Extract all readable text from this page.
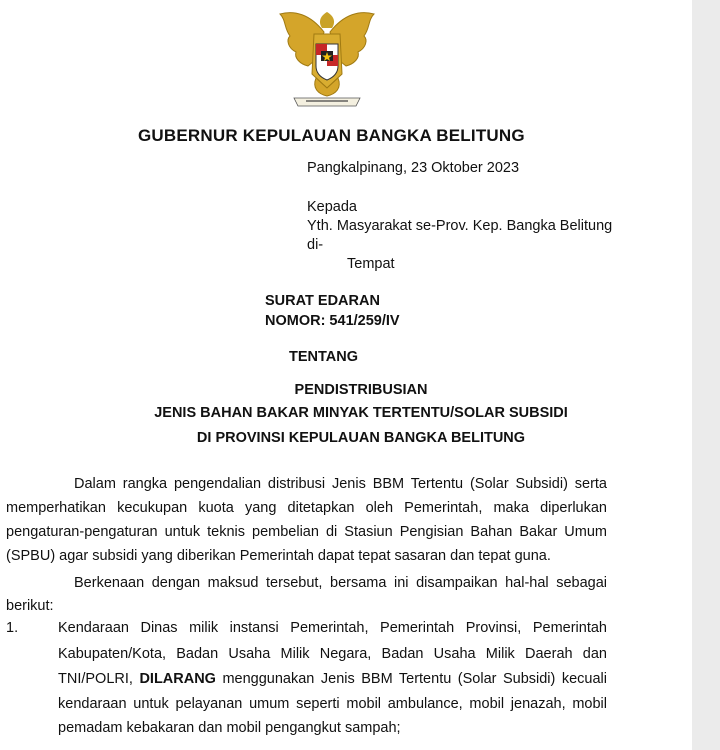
GUBERNUR KEPULAUAN BANGKA BELITUNG
Pangkalpinang, 23 Oktober 2023
Kepada
Yth. Masyarakat se-Prov. Kep. Bangka Belitung
di-
Tempat
SURAT EDARAN
NOMOR: 541/259/IV
TENTANG
PENDISTRIBUSIAN
JENIS BAHAN BAKAR MINYAK TERTENTU/SOLAR SUBSIDI
DI PROVINSI KEPULAUAN BANGKA BELITUNG
Dalam rangka pengendalian distribusi Jenis BBM Tertentu (Solar Subsidi) serta
memperhatikan kecukupan kuota yang ditetapkan oleh Pemerintah, maka diperlukan
pengaturan-pengaturan untuk teknis pembelian di Stasiun Pengisian Bahan Bakar Umum
(SPBU) agar subsidi yang diberikan Pemerintah dapat tepat sasaran dan tepat guna.
Berkenaan dengan maksud tersebut, bersama ini disampaikan hal-hal sebagai
berikut:
1.	Kendaraan Dinas milik instansi Pemerintah, Pemerintah Provinsi, Pemerintah
Kabupaten/Kota, Badan Usaha Milik Negara, Badan Usaha Milik Daerah dan
TNI/POLRI, DILARANG menggunakan Jenis BBM Tertentu (Solar Subsidi) kecuali
kendaraan untuk pelayanan umum seperti mobil ambulance, mobil jenazah, mobil
pemadam kebakaran dan mobil pengangkut sampah;
